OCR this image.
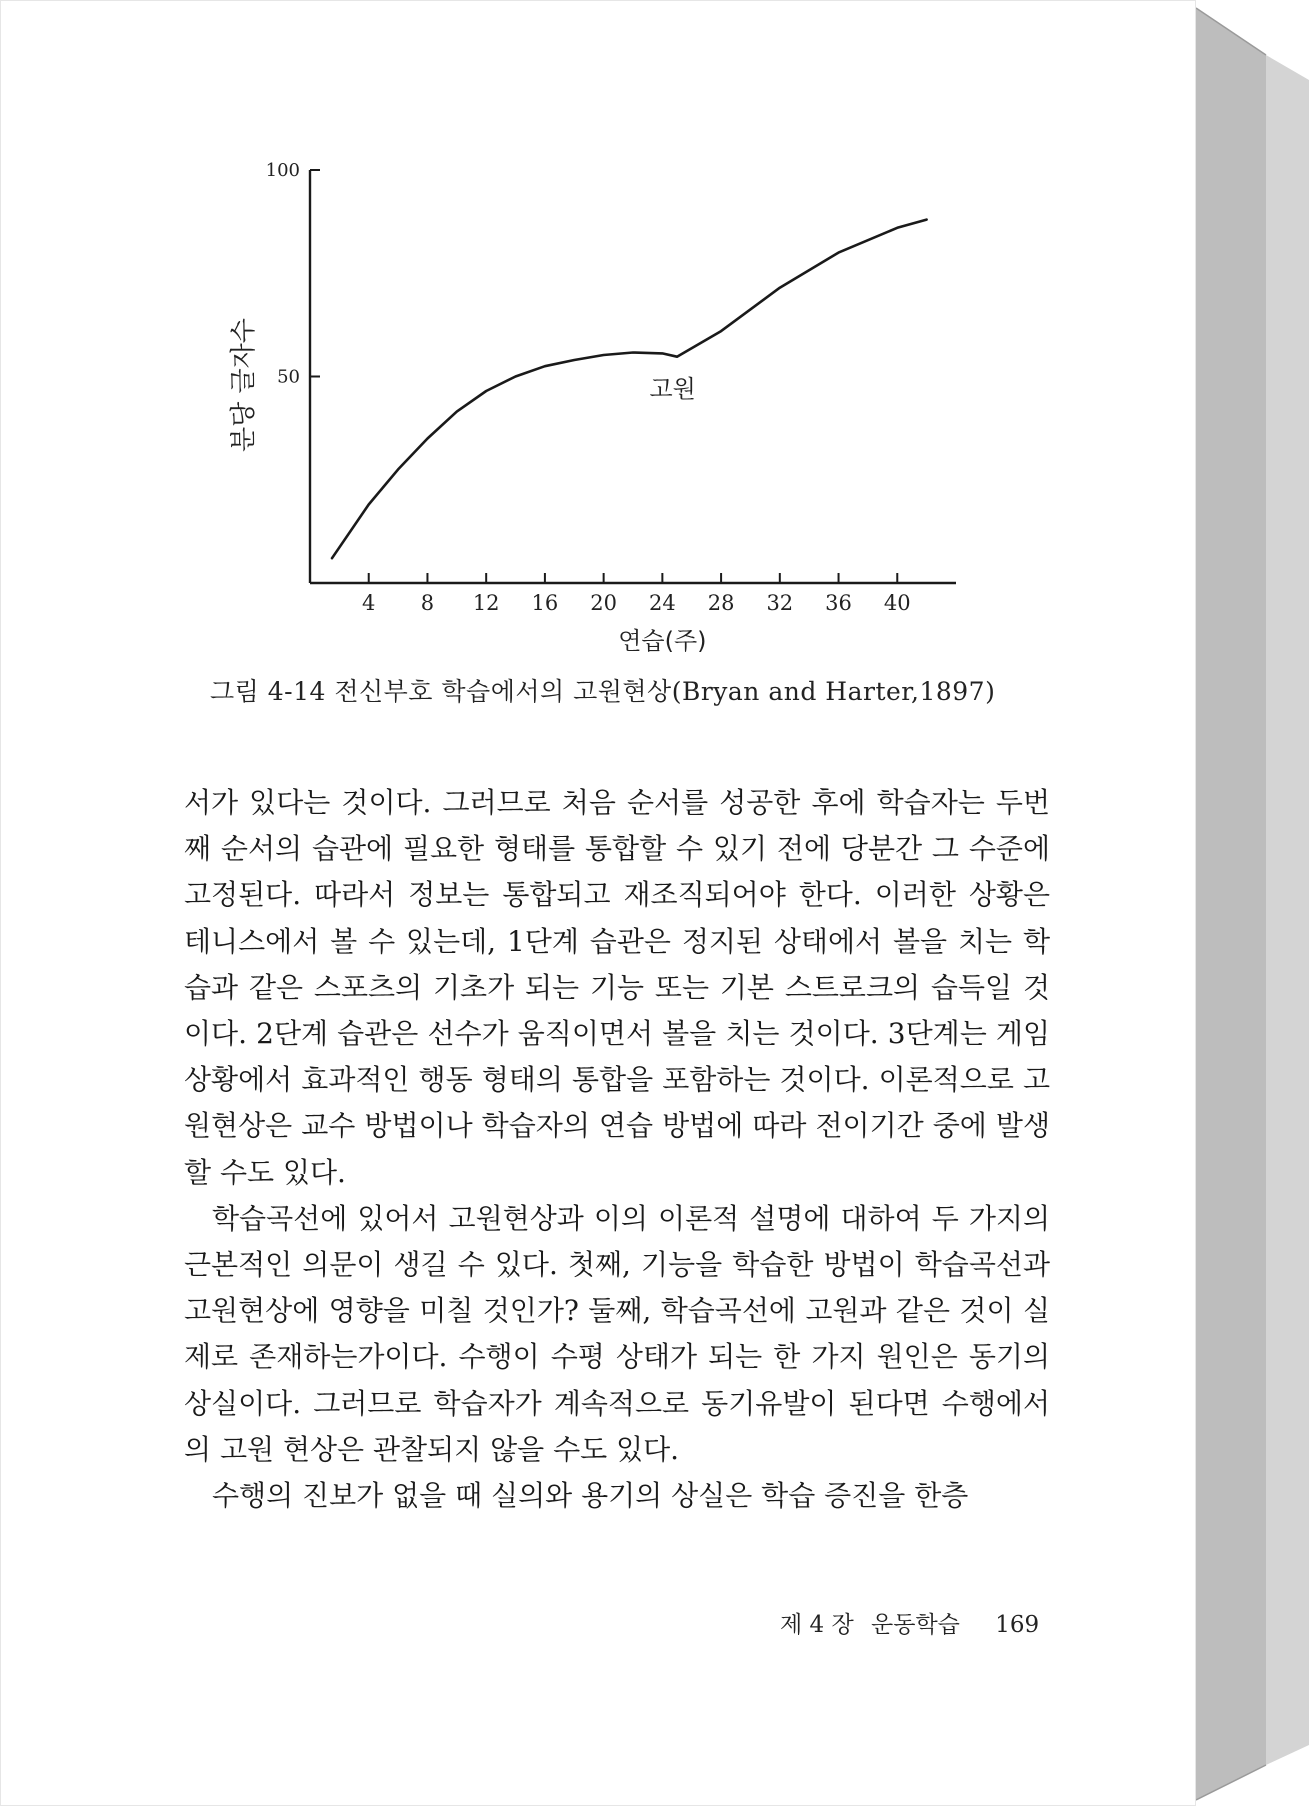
4 8 12 16 20 24 28 32 36 40
50
100
분당 글자수
연습(주)
고원
그림 4-14 전신부호 학습에서의 고원현상(Bryan and Harter,1897)

서가 있다는 것이다. 그러므로 처음 순서를 성공한 후에 학습자는 두번째 순서의 습관에 필요한 형태를 통합할 수 있기 전에 당분간 그 수준에 고정된다. 따라서 정보는 통합되고 재조직되어야 한다. 이러한 상황은 테니스에서 볼 수 있는데, 1단계 습관은 정지된 상태에서 볼을 치는 학습과 같은 스포츠의 기초가 되는 기능 또는 기본 스트로크의 습득일 것이다. 2단계 습관은 선수가 움직이면서 볼을 치는 것이다. 3단계는 게임 상황에서 효과적인 행동 형태의 통합을 포함하는 것이다. 이론적으로 고원현상은 교수 방법이나 학습자의 연습 방법에 따라 전이기간 중에 발생할 수도 있다.

학습곡선에 있어서 고원현상과 이의 이론적 설명에 대하여 두 가지의 근본적인 의문이 생길 수 있다. 첫째, 기능을 학습한 방법이 학습곡선과 고원현상에 영향을 미칠 것인가? 둘째, 학습곡선에 고원과 같은 것이 실제로 존재하는가이다. 수행이 수평 상태가 되는 한 가지 원인은 동기의 상실이다. 그러므로 학습자가 계속적으로 동기유발이 된다면 수행에서의 고원 현상은 관찰되지 않을 수도 있다.

수행의 진보가 없을 때 실의와 용기의 상실은 학습 증진을 한층

제 4 장 운동학습 169
